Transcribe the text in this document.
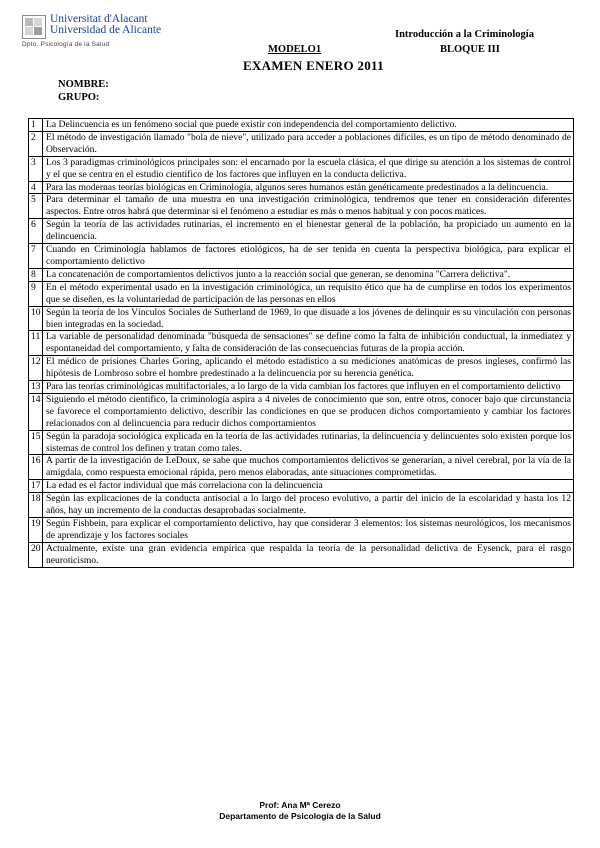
Universitat d'Alacant
Universidad de Alicante
Dpto. Psicología de la Salud
Introducción a la Criminología
MODELO1	BLOQUE III
EXAMEN ENERO 2011
NOMBRE:
GRUPO:
1	La Delincuencia es un fenómeno social que puede existir con independencia del comportamiento delictivo.
2	El método de investigación llamado "bola de nieve", utilizado para acceder a poblaciones difíciles, es un tipo de método denominado de Observación.
3	Los 3 paradigmas criminológicos principales son: el encarnado por la escuela clásica, el que dirige su atención a los sistemas de control y el que se centra en el estudio científico de los factores que influyen en la conducta delictiva.
4	Para las modernas teorías biológicas en Criminología, algunos seres humanos están genéticamente predestinados a la delincuencia.
5	Para determinar el tamaño de una muestra en una investigación criminológica, tendremos que tener en consideración diferentes aspectos. Entre otros habrá que determinar si el fenómeno a estudiar es más o menos habitual y con pocos matices.
6	Según la teoría de las actividades rutinarias, el incremento en el bienestar general de la población, ha propiciado un aumento en la delincuencia.
7	Cuando en Criminología hablamos de factores etiológicos, ha de ser tenida en cuenta la perspectiva biológica, para explicar el comportamiento delictivo
8	La concatenación de comportamientos delictivos junto a la reacción social que generan, se denomina "Carrera delictiva".
9	En el método experimental usado en la investigación criminológica, un requisito ético que ha de cumplirse en todos los experimentos que se diseñen, es la voluntariedad de participación de las personas en ellos
10	Según la teoría de los Vínculos Sociales de Sutherland de 1969, lo que disuade a los jóvenes de delinquir es su vinculación con personas bien integradas en la sociedad.
11	La variable de personalidad denominada "búsqueda de sensaciones" se define como la falta de inhibición conductual, la inmediatez y espontaneidad del comportamiento, y falta de consideración de las consecuencias futuras de la propia acción.
12	El médico de prisiones Charles Goring, aplicando el método estadístico a su mediciones anatómicas de presos ingleses, confirmó las hipótesis de Lombroso sobre el hombre predestinado a la delincuencia por su herencia genética.
13	Para las teorías criminológicas multifactoriales, a lo largo de la vida cambian los factores que influyen en el comportamiento delictivo
14	Siguiendo el método científico, la criminología aspira a 4 niveles de conocimiento que son, entre otros, conocer bajo que circunstancia se favorece el comportamiento delictivo, describir las condiciones en que se producen dichos comportamiento y cambiar los factores relacionados con al delincuencia para reducir dichos comportamientos
15	Según la paradoja sociológica explicada en la teoría de las actividades rutinarias, la delincuencia y delincuentes solo existen porque los sistemas de control los definen y tratan como tales.
16	A partir de la investigación de LeDoux, se sabe que muchos comportamientos delictivos se generarían, a nivel cerebral, por la vía de la amígdala, como respuesta emocional rápida, pero menos elaboradas, ante situaciones comprometidas.
17	La edad es el factor individual que más correlaciona con la delincuencia
18	Según las explicaciones de la conducta antisocial a lo largo del proceso evolutivo, a partir del inicio de la escolaridad y hasta los 12 años, hay un incremento de la conductas desaprobadas socialmente.
19	Según Fishbein, para explicar el comportamiento delictivo, hay que considerar 3 elementos: los sistemas neurológicos, los mecanismos de aprendizaje y los factores sociales
20	Actualmente, existe una gran evidencia empírica que respalda la teoría de la personalidad delictiva de Eysenck, para el rasgo neuroticismo.
Prof: Ana Mª Cerezo
Departamento de Psicología de la Salud
